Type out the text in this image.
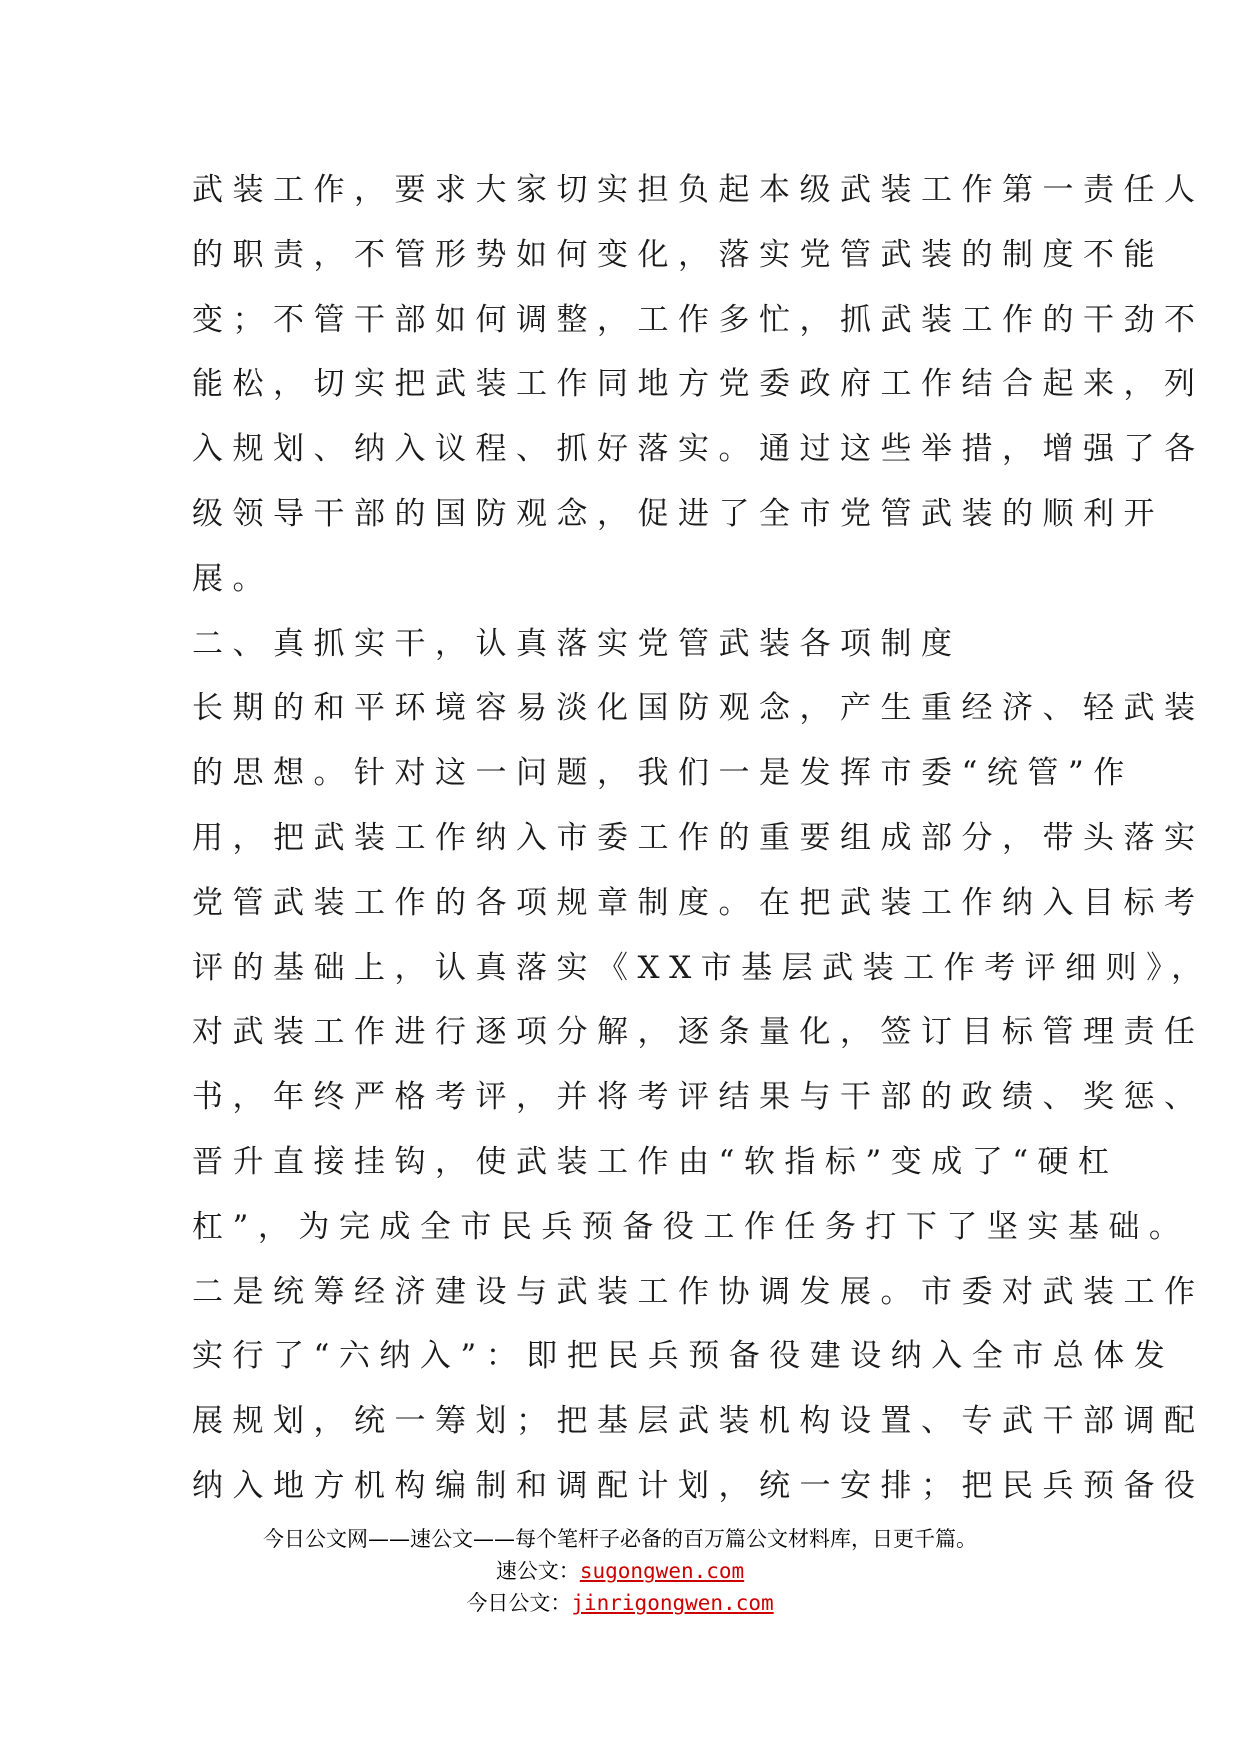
武装工作，要求大家切实担负起本级武装工作第一责任人
的职责，不管形势如何变化，落实党管武装的制度不能
变；不管干部如何调整，工作多忙，抓武装工作的干劲不
能松，切实把武装工作同地方党委政府工作结合起来，列
入规划、纳入议程、抓好落实。通过这些举措，增强了各
级领导干部的国防观念，促进了全市党管武装的顺利开
展。
二、真抓实干，认真落实党管武装各项制度
长期的和平环境容易淡化国防观念，产生重经济、轻武装
的思想。针对这一问题，我们一是发挥市委“统管”作
用，把武装工作纳入市委工作的重要组成部分，带头落实
党管武装工作的各项规章制度。在把武装工作纳入目标考
评的基础上，认真落实《XX市基层武装工作考评细则》，
对武装工作进行逐项分解，逐条量化，签订目标管理责任
书，年终严格考评，并将考评结果与干部的政绩、奖惩、
晋升直接挂钩，使武装工作由“软指标”变成了“硬杠
杠”，为完成全市民兵预备役工作任务打下了坚实基础。
二是统筹经济建设与武装工作协调发展。市委对武装工作
实行了“六纳入”：即把民兵预备役建设纳入全市总体发
展规划，统一筹划；把基层武装机构设置、专武干部调配
纳入地方机构编制和调配计划，统一安排；把民兵预备役
今日公文网——速公文——每个笔杆子必备的百万篇公文材料库，日更千篇。
速公文：sugongwen.com
今日公文：jinrigongwen.com
